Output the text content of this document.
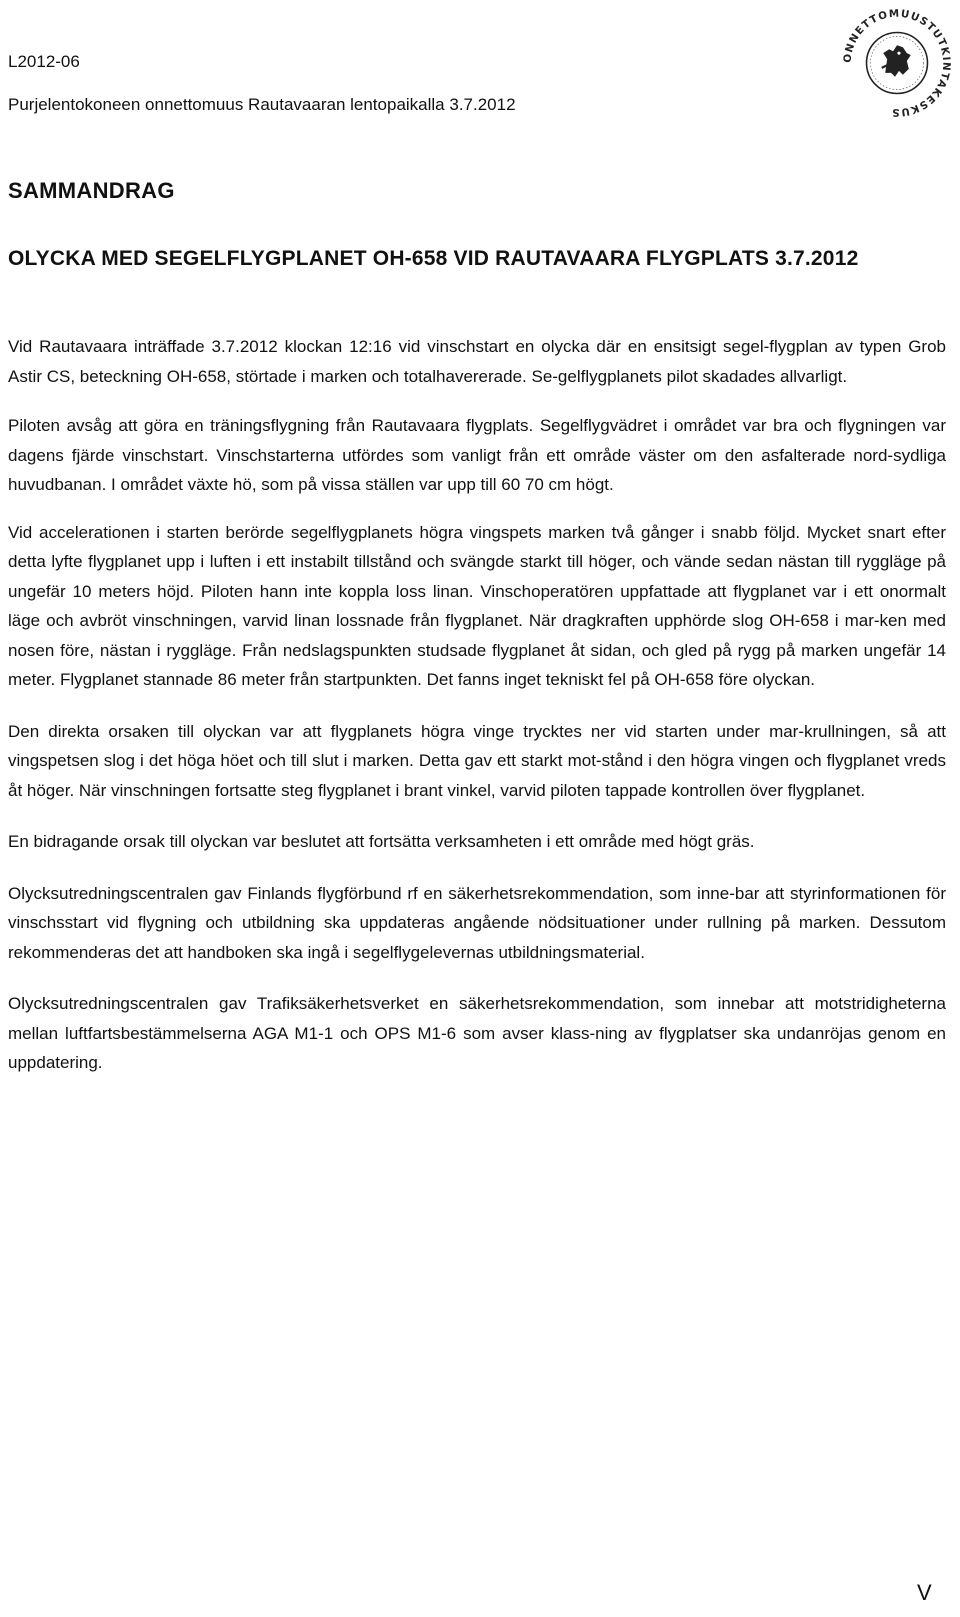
L2012-06
Purjelentokoneen onnettomuus Rautavaaran lentopaikalla 3.7.2012
ONNETTOMUUSTUTKINTAKESKUS
SAMMANDRAG
OLYCKA MED SEGELFLYGPLANET OH-658 VID RAUTAVAARA FLYGPLATS 3.7.2012

Vid Rautavaara inträffade 3.7.2012 klockan 12:16 vid vinschstart en olycka där en ensitsigt segel-flygplan av typen Grob Astir CS, beteckning OH-658, störtade i marken och totalhavererade. Se-gelflygplanets pilot skadades allvarligt.

Piloten avsåg att göra en träningsflygning från Rautavaara flygplats. Segelflygvädret i området var bra och flygningen var dagens fjärde vinschstart. Vinschstarterna utfördes som vanligt från ett område väster om den asfalterade nord-sydliga huvudbanan. I området växte hö, som på vissa ställen var upp till 60 70 cm högt.

Vid accelerationen i starten berörde segelflygplanets högra vingspets marken två gånger i snabb följd. Mycket snart efter detta lyfte flygplanet upp i luften i ett instabilt tillstånd och svängde starkt till höger, och vände sedan nästan till ryggläge på ungefär 10 meters höjd. Piloten hann inte koppla loss linan. Vinschoperatören uppfattade att flygplanet var i ett onormalt läge och avbröt vinschningen, varvid linan lossnade från flygplanet. När dragkraften upphörde slog OH-658 i mar-ken med nosen före, nästan i ryggläge. Från nedslagspunkten studsade flygplanet åt sidan, och gled på rygg på marken ungefär 14 meter. Flygplanet stannade 86 meter från startpunkten. Det fanns inget tekniskt fel på OH-658 före olyckan.

Den direkta orsaken till olyckan var att flygplanets högra vinge trycktes ner vid starten under mar-krullningen, så att vingspetsen slog i det höga höet och till slut i marken. Detta gav ett starkt mot-stånd i den högra vingen och flygplanet vreds åt höger. När vinschningen fortsatte steg flygplanet i brant vinkel, varvid piloten tappade kontrollen över flygplanet.

En bidragande orsak till olyckan var beslutet att fortsätta verksamheten i ett område med högt gräs.

Olycksutredningscentralen gav Finlands flygförbund rf en säkerhetsrekommendation, som inne-bar att styrinformationen för vinschsstart vid flygning och utbildning ska uppdateras angående nödsituationer under rullning på marken. Dessutom rekommenderas det att handboken ska ingå i segelflygelevernas utbildningsmaterial.

Olycksutredningscentralen gav Trafiksäkerhetsverket en säkerhetsrekommendation, som innebar att motstridigheterna mellan luftfartsbestämmelserna AGA M1-1 och OPS M1-6 som avser klass-ning av flygplatser ska undanröjas genom en uppdatering.

V
